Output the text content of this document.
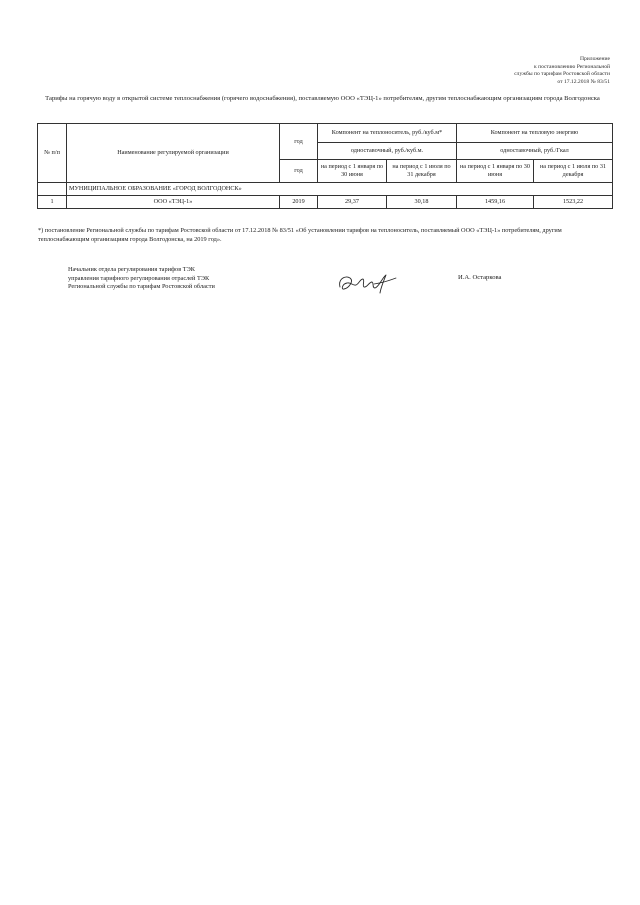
Приложение
к постановлению Региональной
службы по тарифам Ростовской области
от 17.12.2018 № 83/51
Тарифы на горячую воду в открытой системе теплоснабжения (горячего водоснабжения), поставляемую ООО «ТЭЦ-1» потребителям, другим теплоснабжающим организациям города Волгодонска
№ п/п	Наименование регулируемой организации	год	Компонент на теплоноситель, руб./куб.м*		Компонент на тепловую энергию	
			одноставочный, руб./куб.м.		одноставочный, руб./Гкал	
		год	на период с 1 января по 30 июня	на период с 1 июля по 31 декабря	на период с 1 января по 30 июня	на период с 1 июля по 31 декабря
	МУНИЦИПАЛЬНОЕ ОБРАЗОВАНИЕ «ГОРОД ВОЛГОДОНСК»					
1	ООО «ТЭЦ-1»	2019	29,37	30,18	1459,16	1523,22
*) постановление Региональной службы по тарифам Ростовской области от 17.12.2018 № 83/51 «Об установлении тарифов на теплоноситель, поставляемый ООО «ТЭЦ-1» потребителям, другим теплоснабжающим организациям города Волгодонска, на 2019 год».
Начальник отдела регулирования тарифов ТЭК
управления тарифного регулирования отраслей ТЭК
Региональной службы по тарифам Ростовской области
И.А. Остаркова
